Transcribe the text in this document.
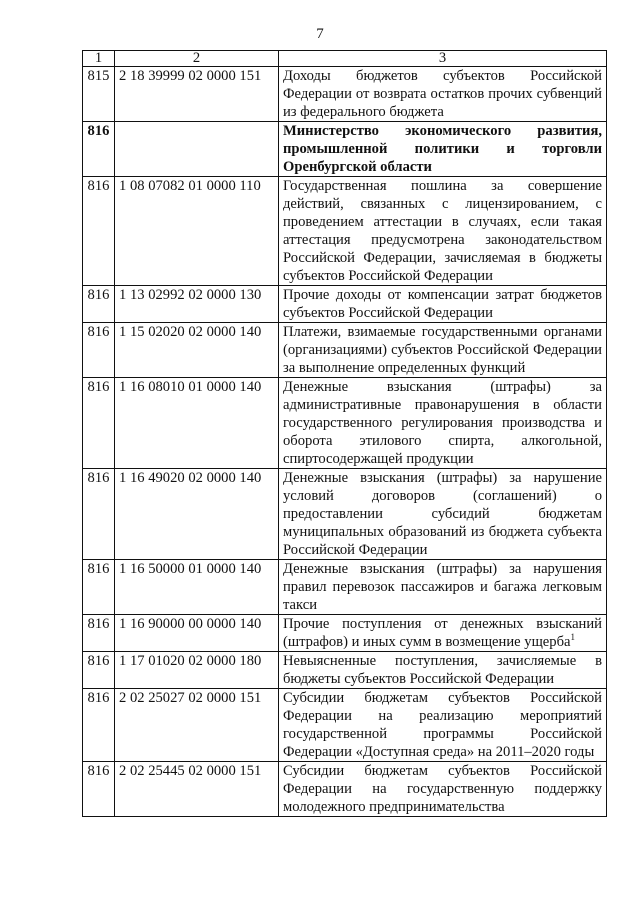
7
1	2	3
815	2 18 39999 02 0000 151	Доходы бюджетов субъектов Российской Федерации от возврата остатков прочих субвенций из федерального бюджета
816		Министерство экономического развития, промышленной политики и торговли Оренбургской области
816	1 08 07082 01 0000 110	Государственная пошлина за совершение действий, связанных с лицензированием, с проведением аттестации в случаях, если такая аттестация предусмотрена законодательством Российской Федерации, зачисляемая в бюджеты субъектов Российской Федерации
816	1 13 02992 02 0000 130	Прочие доходы от компенсации затрат бюджетов субъектов Российской Федерации
816	1 15 02020 02 0000 140	Платежи, взимаемые государственными органами (организациями) субъектов Российской Федерации за выполнение определенных функций
816	1 16 08010 01 0000 140	Денежные взыскания (штрафы) за административные правонарушения в области государственного регулирования производства и оборота этилового спирта, алкогольной, спиртосодержащей продукции
816	1 16 49020 02 0000 140	Денежные взыскания (штрафы) за нарушение условий договоров (соглашений) о предоставлении субсидий бюджетам муниципальных образований из бюджета субъекта Российской Федерации
816	1 16 50000 01 0000 140	Денежные взыскания (штрафы) за нарушения правил перевозок пассажиров и багажа легковым такси
816	1 16 90000 00 0000 140	Прочие поступления от денежных взысканий (штрафов) и иных сумм в возмещение ущерба$^1$
816	1 17 01020 02 0000 180	Невыясненные поступления, зачисляемые в бюджеты субъектов Российской Федерации
816	2 02 25027 02 0000 151	Субсидии бюджетам субъектов Российской Федерации на реализацию мероприятий государственной программы Российской Федерации «Доступная среда» на 2011–2020 годы
816	2 02 25445 02 0000 151	Субсидии бюджетам субъектов Российской Федерации на государственную поддержку молодежного предпринимательства
